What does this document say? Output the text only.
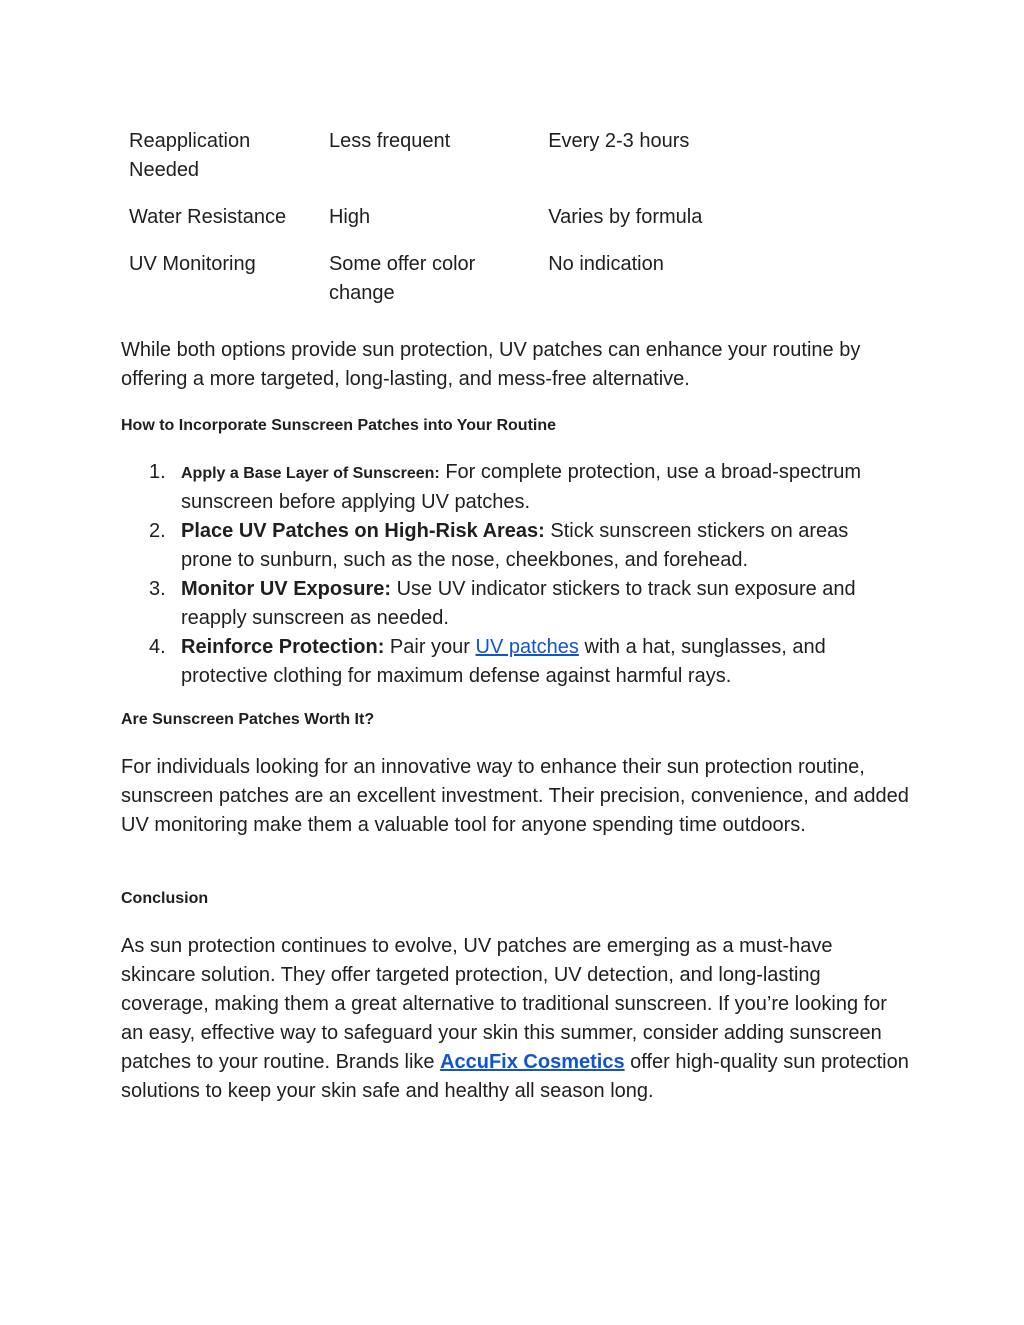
Reapplication Needed	Less frequent	Every 2-3 hours
Water Resistance	High	Varies by formula
UV Monitoring	Some offer color change	No indication

While both options provide sun protection, UV patches can enhance your routine by offering a more targeted, long-lasting, and mess-free alternative.

How to Incorporate Sunscreen Patches into Your Routine
1. Apply a Base Layer of Sunscreen: For complete protection, use a broad-spectrum sunscreen before applying UV patches.
2. Place UV Patches on High-Risk Areas: Stick sunscreen stickers on areas prone to sunburn, such as the nose, cheekbones, and forehead.
3. Monitor UV Exposure: Use UV indicator stickers to track sun exposure and reapply sunscreen as needed.
4. Reinforce Protection: Pair your UV patches with a hat, sunglasses, and protective clothing for maximum defense against harmful rays.
Are Sunscreen Patches Worth It?

For individuals looking for an innovative way to enhance their sun protection routine, sunscreen patches are an excellent investment. Their precision, convenience, and added UV monitoring make them a valuable tool for anyone spending time outdoors.

Conclusion

As sun protection continues to evolve, UV patches are emerging as a must-have skincare solution. They offer targeted protection, UV detection, and long-lasting coverage, making them a great alternative to traditional sunscreen. If you’re looking for an easy, effective way to safeguard your skin this summer, consider adding sunscreen patches to your routine. Brands like AccuFix Cosmetics offer high-quality sun protection solutions to keep your skin safe and healthy all season long.
